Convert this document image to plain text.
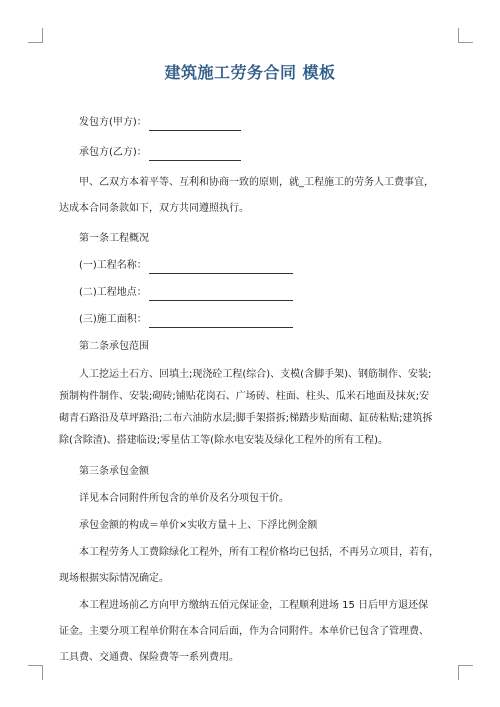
建筑施工劳务合同 模板
发包方(甲方)：
承包方(乙方)：

甲、乙双方本着平等、互利和协商一致的原则，就_工程施工的劳务人工费事宜，
达成本合同条款如下，双方共同遵照执行。

第一条工程概况

(一)工程名称：
(二)工程地点：
(三)施工面积：

第二条承包范围

人工挖运土石方、回填土;现浇砼工程(综合)、支模(含脚手架)、钢筋制作、安装;
预制构件制作、安装;砌砖;铺贴花岗石、广场砖、柱面、柱头、瓜米石地面及抹灰;安
砌青石路沿及草坪路沿;二布六油防水层;脚手架搭拆;梯踏步贴面砌、缸砖粘贴;建筑拆
除(含除渣)、搭建临设;零星估工等(除水电安装及绿化工程外的所有工程)。

第三条承包金额

详见本合同附件所包含的单价及名分项包干价。

承包金额的构成＝单价×实收方量＋上、下浮比例金额

本工程劳务人工费除绿化工程外，所有工程价格均已包括，不再另立项目，若有，
现场根据实际情况确定。
本工程进场前乙方向甲方缴纳五佰元保证金，工程顺利进场 15 日后甲方退还保
证金。主要分项工程单价附在本合同后面，作为合同附件。本单价已包含了管理费、
工具费、交通费、保险费等一系列费用。
